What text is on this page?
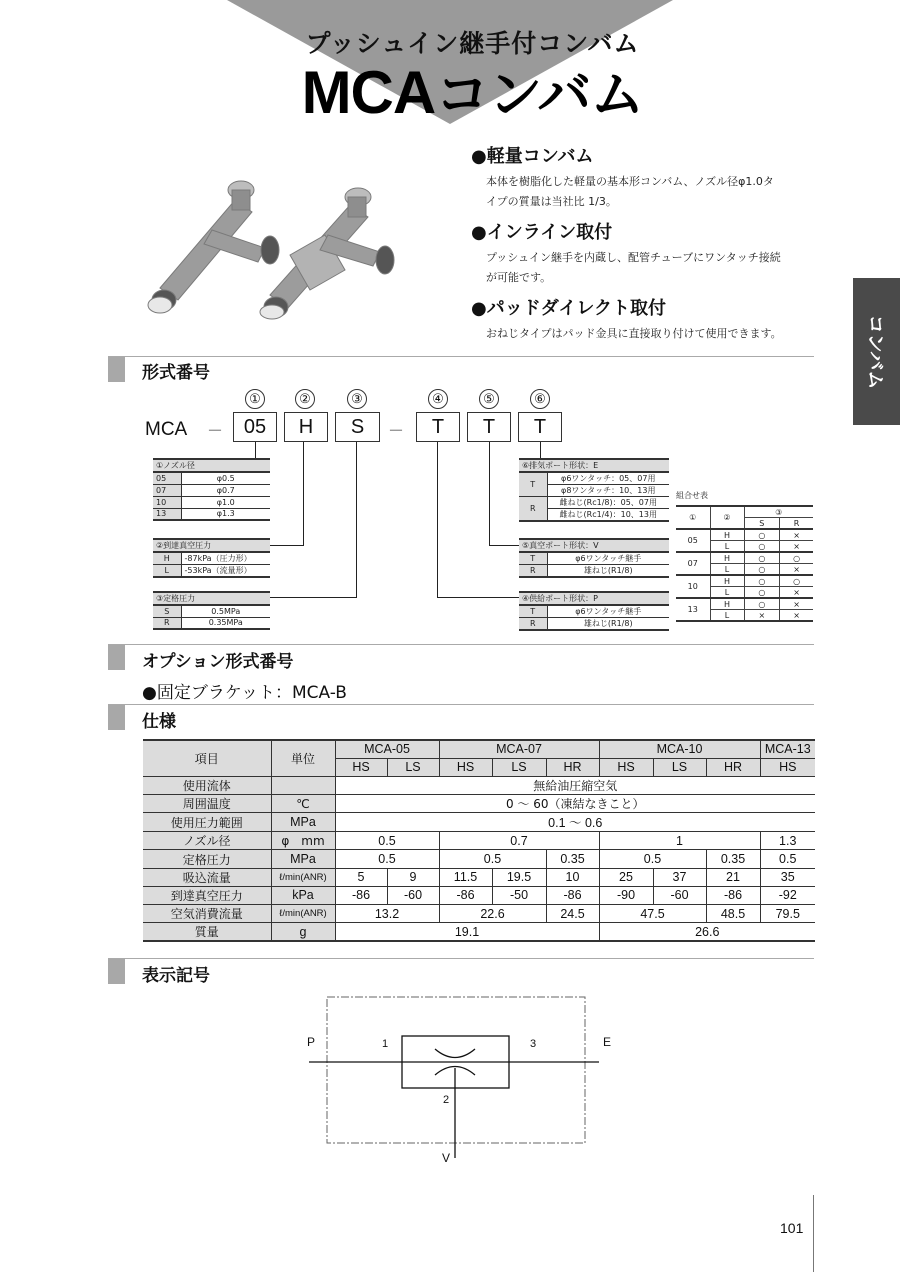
プッシュイン継手付コンバム
MCAコンバム
●軽量コンバム
本体を樹脂化した軽量の基本形コンバム、ノズル径φ1.0タ
イプの質量は当社比 1/3。
●インライン取付
プッシュイン継手を内蔵し、配管チューブにワンタッチ接続
が可能です。
●パッドダイレクト取付
おねじタイプはパッド金具に直接取り付けて使用できます。	コンバム
形式番号
MCA －	－
①	②	③	④	⑤	⑥
05	H	S	T	T	T
①ノズル径	
05	φ0.5
07	φ0.7
10	φ1.0
13	φ1.3
②到達真空圧力	
H	-87kPa（圧力形）
L	-53kPa（流量形）
③定格圧力	
S	0.5MPa
R	0.35MPa
⑥排気ポート形状：E	
T	φ6ワンタッチ：05、07用
	φ8ワンタッチ：10、13用
R	雌ねじ(Rc1/8)：05、07用
	雌ねじ(Rc1/4)：10、13用
⑤真空ポート形状：V	
T	φ6ワンタッチ継手
R	雄ねじ(R1/8)
④供給ポート形状：P	
T	φ6ワンタッチ継手
R	雄ねじ(R1/8)
組合せ表
①	②	③	
		S	R
05	H	○	×
	L	○	×
07	H	○	○
	L	○	×
10	H	○	○
	L	○	×
13	H	○	×
	L	×	×
オプション形式番号
●固定ブラケット：MCA-B
仕様
項目	単位	MCA-05		MCA-07			MCA-10			MCA-13
		HS	LS	HS	LS	HR	HS	LS	HR	HS
使用流体		無給油圧縮空気								
周囲温度	℃	0 ～ 60（凍結なきこと）								
使用圧力範囲	MPa	0.1 ～ 0.6								
ノズル径	φ　mm	0.5		0.7			1			1.3
定格圧力	MPa	0.5		0.5		0.35	0.5		0.35	0.5
吸込流量	ℓ/min(ANR)	5	9	11.5	19.5	10	25	37	21	35
到達真空圧力	kPa	-86	-60	-86	-50	-86	-90	-60	-86	-92
空気消費流量	ℓ/min(ANR)	13.2		22.6		24.5	47.5		48.5	79.5
質量	g	19.1					26.6			
表示記号
P	1	3	E
2
V
101
